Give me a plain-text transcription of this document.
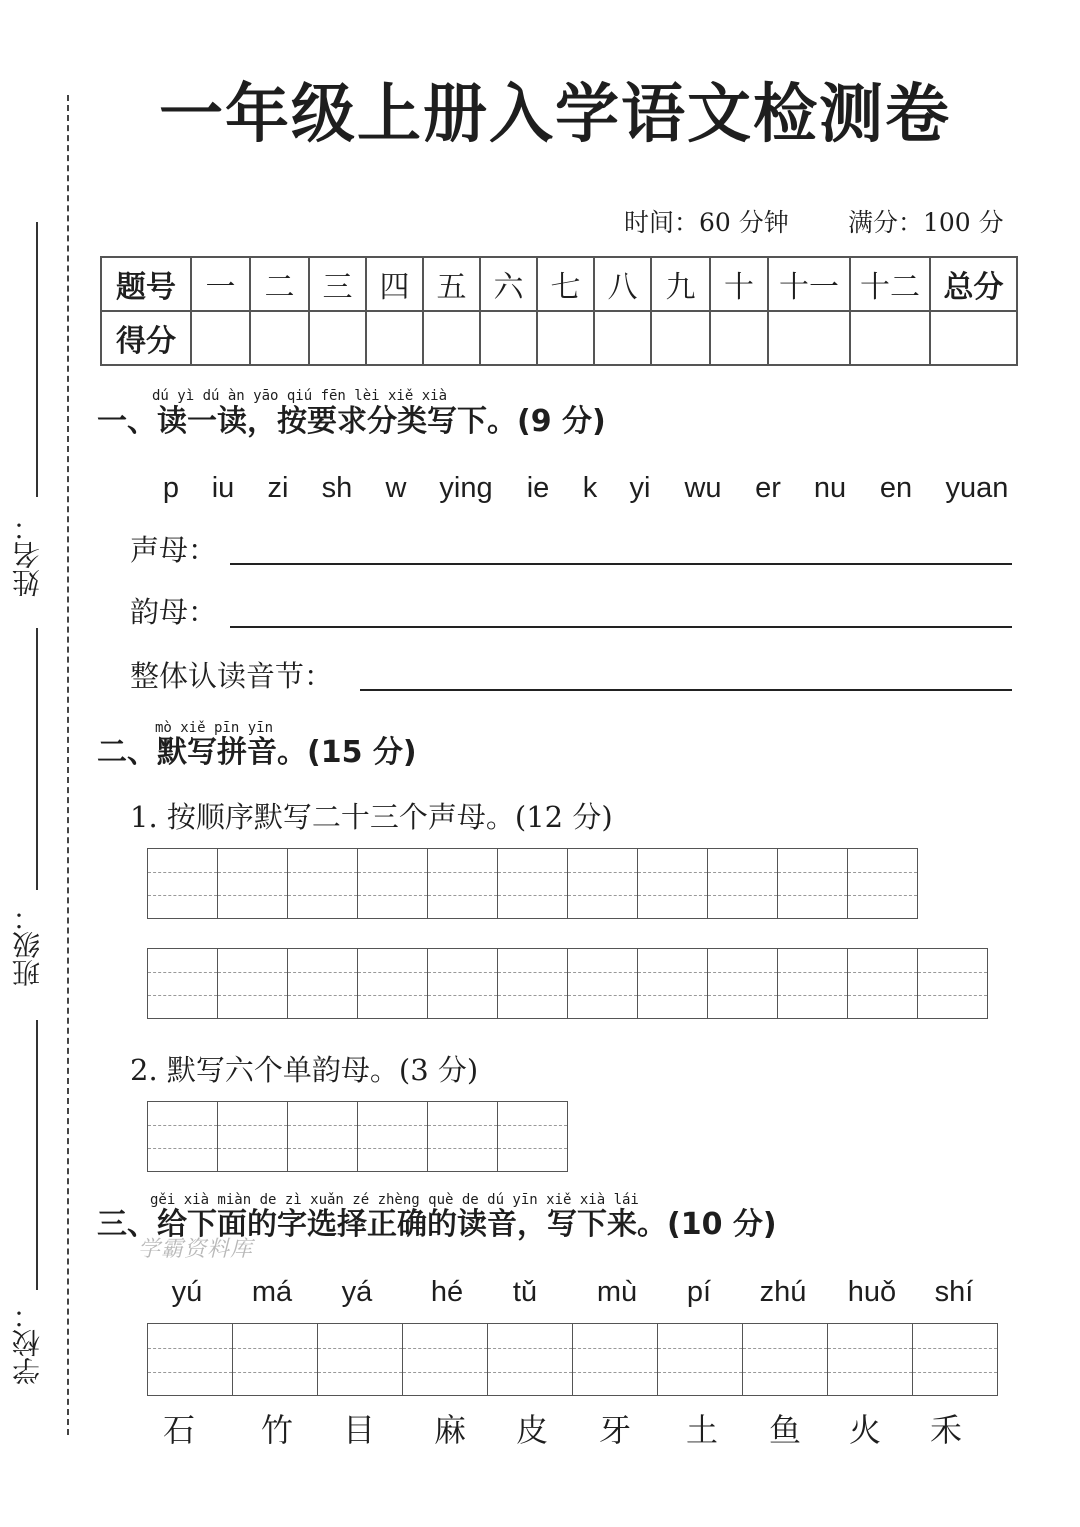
姓名：
班级：
学校：
一年级上册入学语文检测卷
时间：60 分钟 满分：100 分
题号	一	二	三	四	五	六	七	八	九	十	十一	十二	总分
得分													
dú yì dú àn yāo qiú fēn lèi xiě xià
一、读一读，按要求分类写下。(9 分)
p iu zi sh w ying ie k yi wu er nu en yuan
声母：
韵母：
整体认读音节：
mò xiě pīn yīn
二、默写拼音。(15 分)
1. 按顺序默写二十三个声母。(12 分)
2. 默写六个单韵母。(3 分)
gěi xià miàn de zì xuǎn zé zhèng què de dú yīn xiě xià lái
三、给下面的字选择正确的读音，写下来。(10 分)
学霸资料库
yú má yá hé tǔ mù pí zhú huǒ shí
石 竹 目 麻 皮 牙 土 鱼 火 禾
